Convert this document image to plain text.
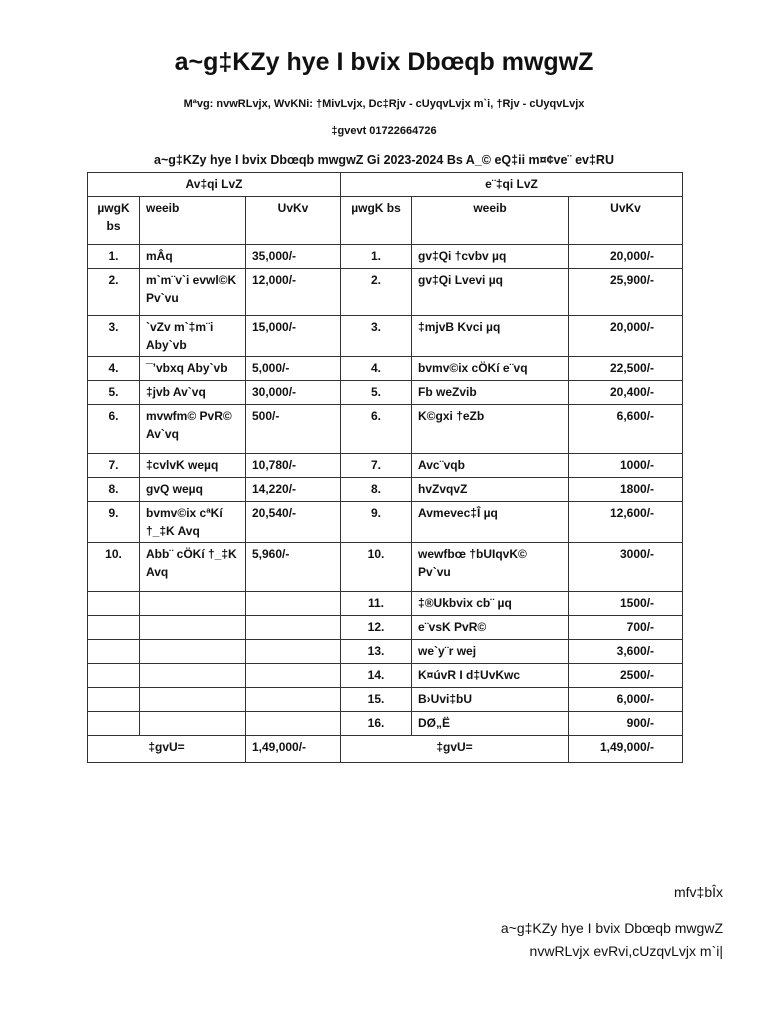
a~g‡KZy hye I bvix Dbœqb mwgwZ
Mªvg: nvwRLvjx, WvKNi: †MivLvjx, Dc‡Rjv - cUyqvLvjx m`i, †Rjv - cUyqvLvjx
‡gvevt 01722664726
a~g‡KZy hye I bvix Dbœqb mwgwZ Gi 2023-2024 Bs A_© eQ‡ii m¤¢ve¨ ev‡RU
Av‡qi LvZ			e¨‡qi LvZ		
µwgK bs	weeib	UvKv	µwgK bs	weeib	UvKv
1.	mÂq	35,000/-	1.	gv‡Qi †cvbv µq	20,000/-
2.	m`m¨v`i evwl©K Pv`vu	12,000/-	2.	gv‡Qi Lvevi µq	25,900/-
3.	`vZv m`‡m¨i Aby`vb	15,000/-	3.	‡mjvB Kvci µq	20,000/-
4.	¯’vbxq Aby`vb	5,000/-	4.	bvmv©ix cÖKí e¨vq	22,500/-
5.	‡jvb Av`vq	30,000/-	5.	Fb weZvib	20,400/-
6.	mvwfm© PvR© Av`vq	500/-	6.	K©gxi †eZb	6,600/-
7.	‡cvlvK weµq	10,780/-	7.	Avc¨vqb	1000/-
8.	gvQ weµq	14,220/-	8.	hvZvqvZ	1800/-
9.	bvmv©ix cªKí †_‡K Avq	20,540/-	9.	Avmevec‡Î µq	12,600/-
10.	Abb¨ cÖKí †_‡K Avq	5,960/-	10.	wewfbœ †bUIqvK© Pv`vu	3000/-
			11.	‡®Ukbvix cb¨ µq	1500/-
			12.	e¨vsK PvR©	700/-
			13.	we`y¨r wej	3,600/-
			14.	K¤úvR I d‡UvKwc	2500/-
			15.	B›Uvi‡bU	6,000/-
			16.	DØ„Ë	900/-
‡gvU=		1,49,000/-	‡gvU=		1,49,000/-
mfv‡bÎx
a~g‡KZy hye I bvix Dbœqb mwgwZ
nvwRLvjx evRvi,cUzqvLvjx m`i|
